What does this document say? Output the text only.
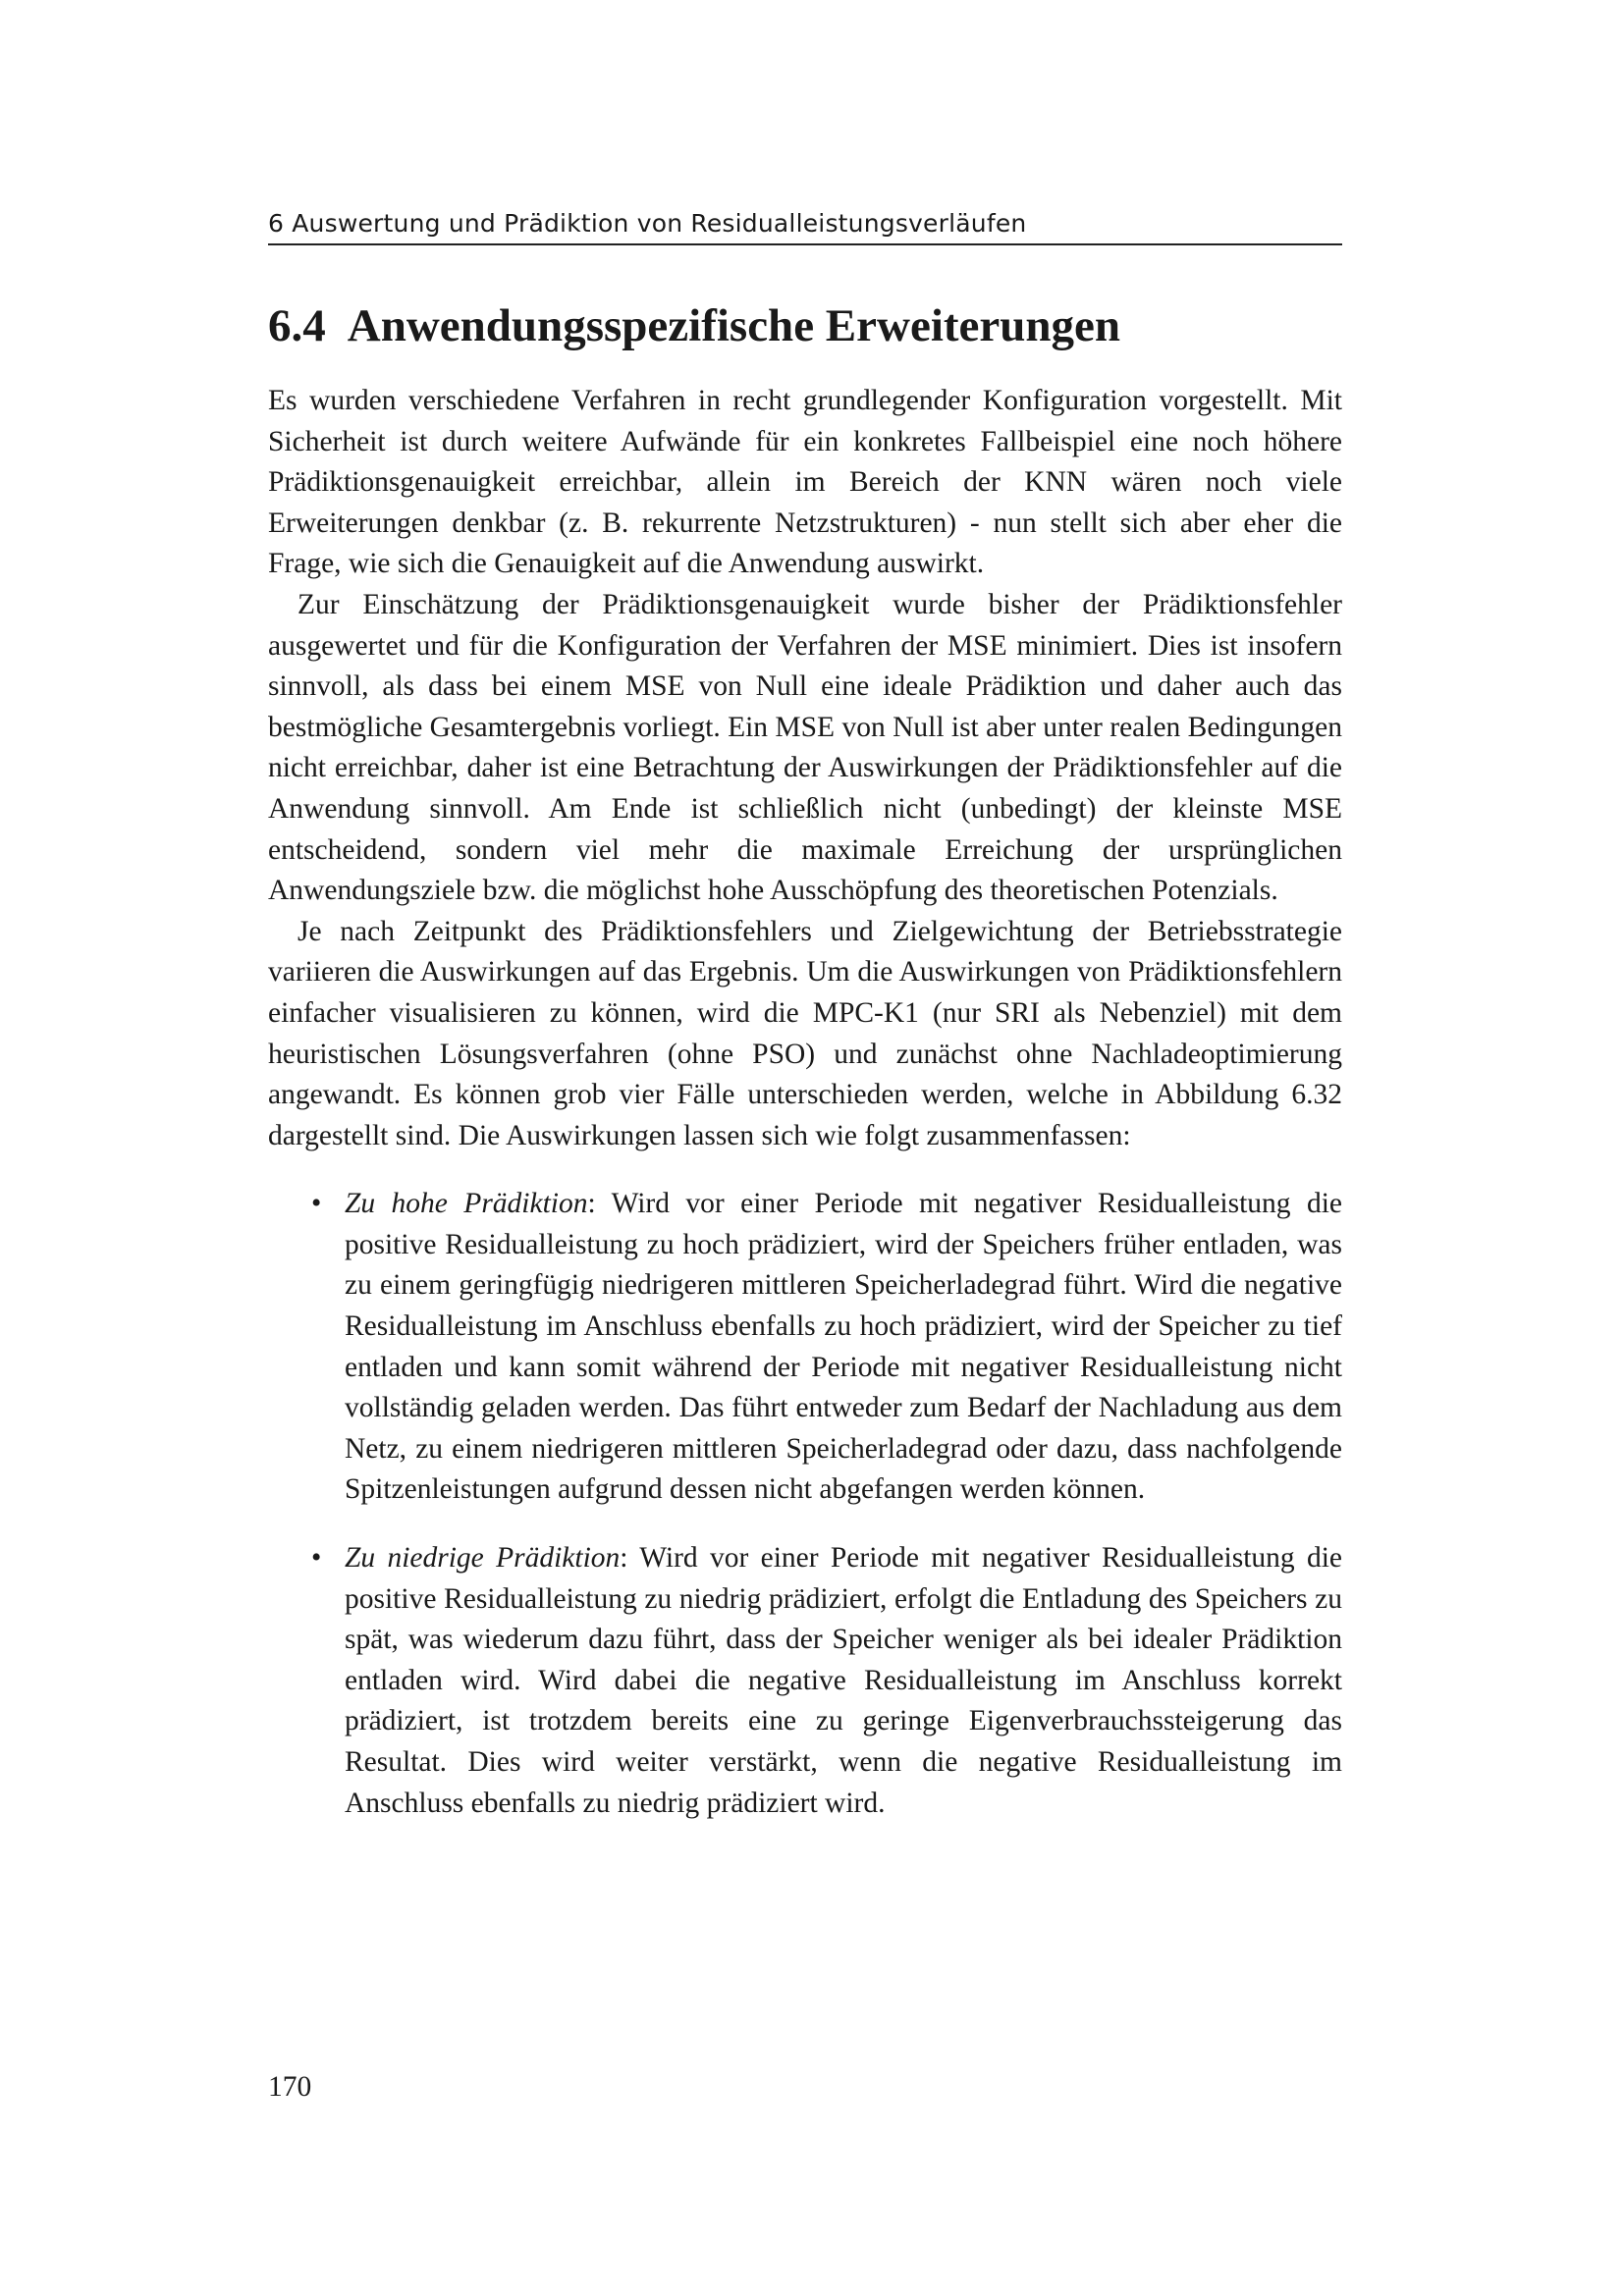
6 Auswertung und Prädiktion von Residualleistungsverläufen
6.4 Anwendungsspezifische Erweiterungen

Es wurden verschiedene Verfahren in recht grundlegender Konfiguration vorgestellt. Mit Sicherheit ist durch weitere Aufwände für ein konkretes Fallbeispiel eine noch höhere Prädiktionsgenauigkeit erreichbar, allein im Bereich der KNN wären noch viele Erweiterungen denkbar (z. B. rekurrente Netzstrukturen) - nun stellt sich aber eher die Frage, wie sich die Genauigkeit auf die Anwendung auswirkt.

Zur Einschätzung der Prädiktionsgenauigkeit wurde bisher der Prädiktionsfehler ausgewertet und für die Konfiguration der Verfahren der MSE minimiert. Dies ist insofern sinnvoll, als dass bei einem MSE von Null eine ideale Prädiktion und daher auch das bestmögliche Gesamtergebnis vorliegt. Ein MSE von Null ist aber unter realen Bedingungen nicht erreichbar, daher ist eine Betrachtung der Auswirkungen der Prädiktionsfehler auf die Anwendung sinnvoll. Am Ende ist schließlich nicht (unbedingt) der kleinste MSE entscheidend, sondern viel mehr die maximale Erreichung der ursprünglichen Anwendungsziele bzw. die möglichst hohe Ausschöpfung des theoretischen Potenzials.

Je nach Zeitpunkt des Prädiktionsfehlers und Zielgewichtung der Betriebsstrategie variieren die Auswirkungen auf das Ergebnis. Um die Auswirkungen von Prädiktionsfehlern einfacher visualisieren zu können, wird die MPC-K1 (nur SRI als Nebenziel) mit dem heuristischen Lösungsverfahren (ohne PSO) und zunächst ohne Nachladeoptimierung angewandt. Es können grob vier Fälle unterschieden werden, welche in Abbildung 6.32 dargestellt sind. Die Auswirkungen lassen sich wie folgt zusammenfassen:

• Zu hohe Prädiktion: Wird vor einer Periode mit negativer Residualleistung die positive Residualleistung zu hoch prädiziert, wird der Speichers früher entladen, was zu einem geringfügig niedrigeren mittleren Speicherladegrad führt. Wird die negative Residualleistung im Anschluss ebenfalls zu hoch prädiziert, wird der Speicher zu tief entladen und kann somit während der Periode mit negativer Residualleistung nicht vollständig geladen werden. Das führt entweder zum Bedarf der Nachladung aus dem Netz, zu einem niedrigeren mittleren Speicherladegrad oder dazu, dass nachfolgende Spitzenleistungen aufgrund dessen nicht abgefangen werden können.
• Zu niedrige Prädiktion: Wird vor einer Periode mit negativer Residualleistung die positive Residualleistung zu niedrig prädiziert, erfolgt die Entladung des Speichers zu spät, was wiederum dazu führt, dass der Speicher weniger als bei idealer Prädiktion entladen wird. Wird dabei die negative Residualleistung im Anschluss korrekt prädiziert, ist trotzdem bereits eine zu geringe Eigenverbrauchssteigerung das Resultat. Dies wird weiter verstärkt, wenn die negative Residualleistung im Anschluss ebenfalls zu niedrig prädiziert wird.
170
